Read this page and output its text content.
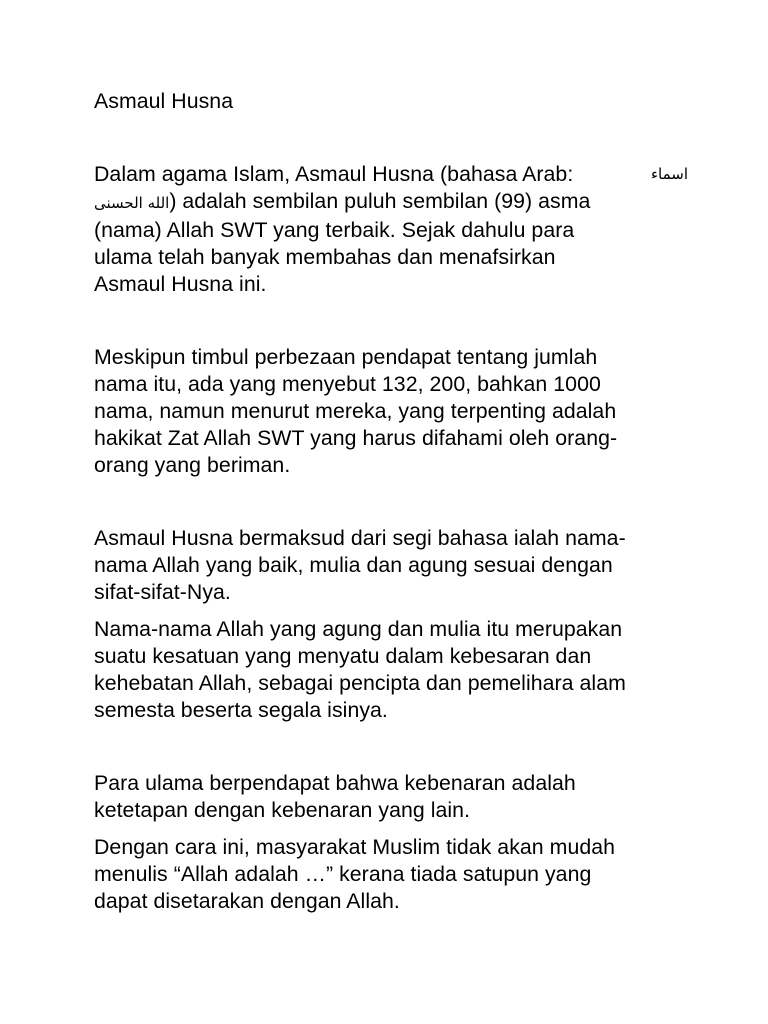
Asmaul Husna

Dalam agama Islam, Asmaul Husna (bahasa Arab:	اسماء
الله الحسنى) adalah sembilan puluh sembilan (99) asma
(nama) Allah SWT yang terbaik. Sejak dahulu para
ulama telah banyak membahas dan menafsirkan
Asmaul Husna ini.

Meskipun timbul perbezaan pendapat tentang jumlah
nama itu, ada yang menyebut 132, 200, bahkan 1000
nama, namun menurut mereka, yang terpenting adalah
hakikat Zat Allah SWT yang harus difahami oleh orang-
orang yang beriman.

Asmaul Husna bermaksud dari segi bahasa ialah nama-
nama Allah yang baik, mulia dan agung sesuai dengan
sifat-sifat-Nya.

Nama-nama Allah yang agung dan mulia itu merupakan
suatu kesatuan yang menyatu dalam kebesaran dan
kehebatan Allah, sebagai pencipta dan pemelihara alam
semesta beserta segala isinya.

Para ulama berpendapat bahwa kebenaran adalah
ketetapan dengan kebenaran yang lain.

Dengan cara ini, masyarakat Muslim tidak akan mudah
menulis “Allah adalah …” kerana tiada satupun yang
dapat disetarakan dengan Allah.
